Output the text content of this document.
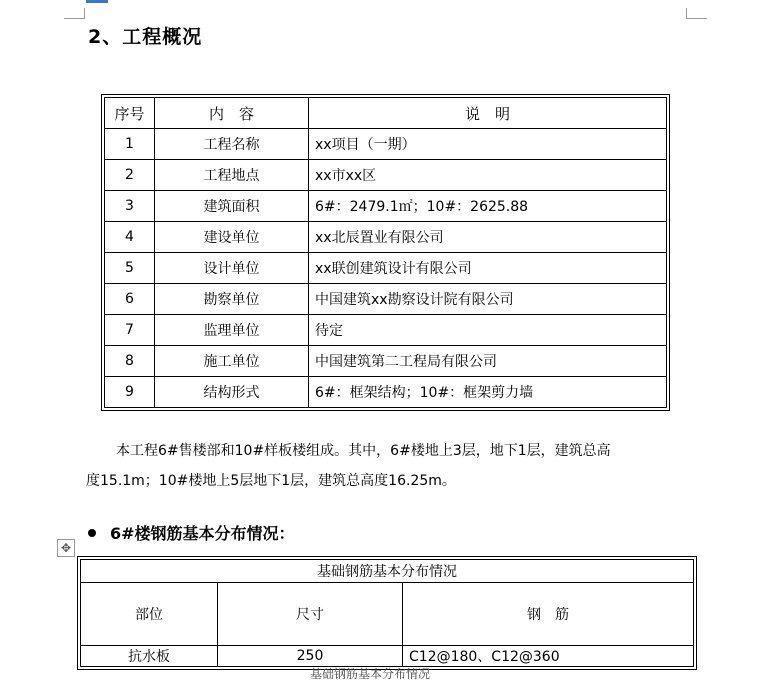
2、工程概况
序号	内　容	说　明
1	工程名称	xx项目（一期）
2	工程地点	xx市xx区
3	建筑面积	6#：2479.1㎡；10#：2625.88
4	建设单位	xx北辰置业有限公司
5	设计单位	xx联创建筑设计有限公司
6	勘察单位	中国建筑xx勘察设计院有限公司
7	监理单位	待定
8	施工单位	中国建筑第二工程局有限公司
9	结构形式	6#：框架结构；10#：框架剪力墙
本工程6#售楼部和10#样板楼组成。其中，6#楼地上3层，地下1层，建筑总高
度15.1m；10#楼地上5层地下1层，建筑总高度16.25m。
6#楼钢筋基本分布情况：
✥
基础钢筋基本分布情况		
部位	尺寸	钢　筋
抗水板	250	C12@180、C12@360
基础钢筋基本分布情况
